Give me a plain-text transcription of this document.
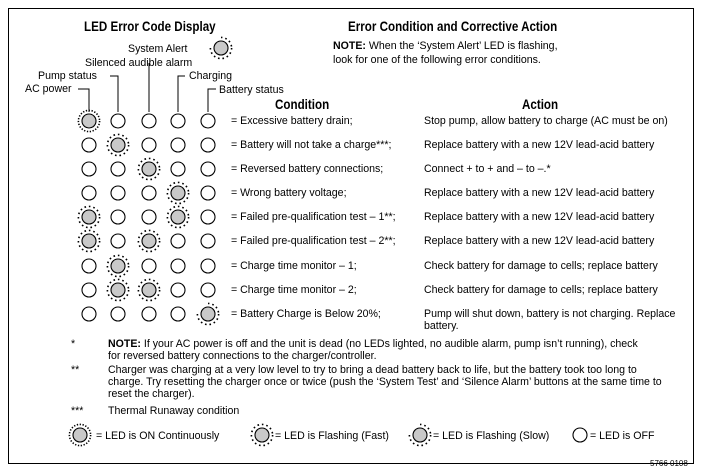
LED Error Code Display	Error Condition and Corrective Action
NOTE: When the ‘System Alert’ LED is flashing,
look for one of the following error conditions.
System Alert
Silenced audible alarm
Pump status	Charging
AC power	Battery status
Condition	Action
= Excessive battery drain;	Stop pump, allow battery to charge (AC must be on)
= Battery will not take a charge***;	Replace battery with a new 12V lead-acid battery
= Reversed battery connections;	Connect + to + and – to –.*
= Wrong battery voltage;	Replace battery with a new 12V lead-acid battery
= Failed pre-qualification test – 1**;	Replace battery with a new 12V lead-acid battery
= Failed pre-qualification test – 2**;	Replace battery with a new 12V lead-acid battery
= Charge time monitor – 1;	Check battery for damage to cells; replace battery
= Charge time monitor – 2;	Check battery for damage to cells; replace battery
= Battery Charge is Below 20%;	Pump will shut down, battery is not charging. Replace battery.
*	NOTE: If your AC power is off and the unit is dead (no LEDs lighted, no audible alarm, pump isn’t running), check for reversed battery connections to the charger/controller.
**	Charger was charging at a very low level to try to bring a dead battery back to life, but the battery took too long to charge. Try resetting the charger once or twice (push the ‘System Test’ and ‘Silence Alarm’ buttons at the same time to reset the charger).
*** Thermal Runaway condition
= LED is ON Continuously	= LED is Flashing (Fast)	= LED is Flashing (Slow)	= LED is OFF
5766 0108
